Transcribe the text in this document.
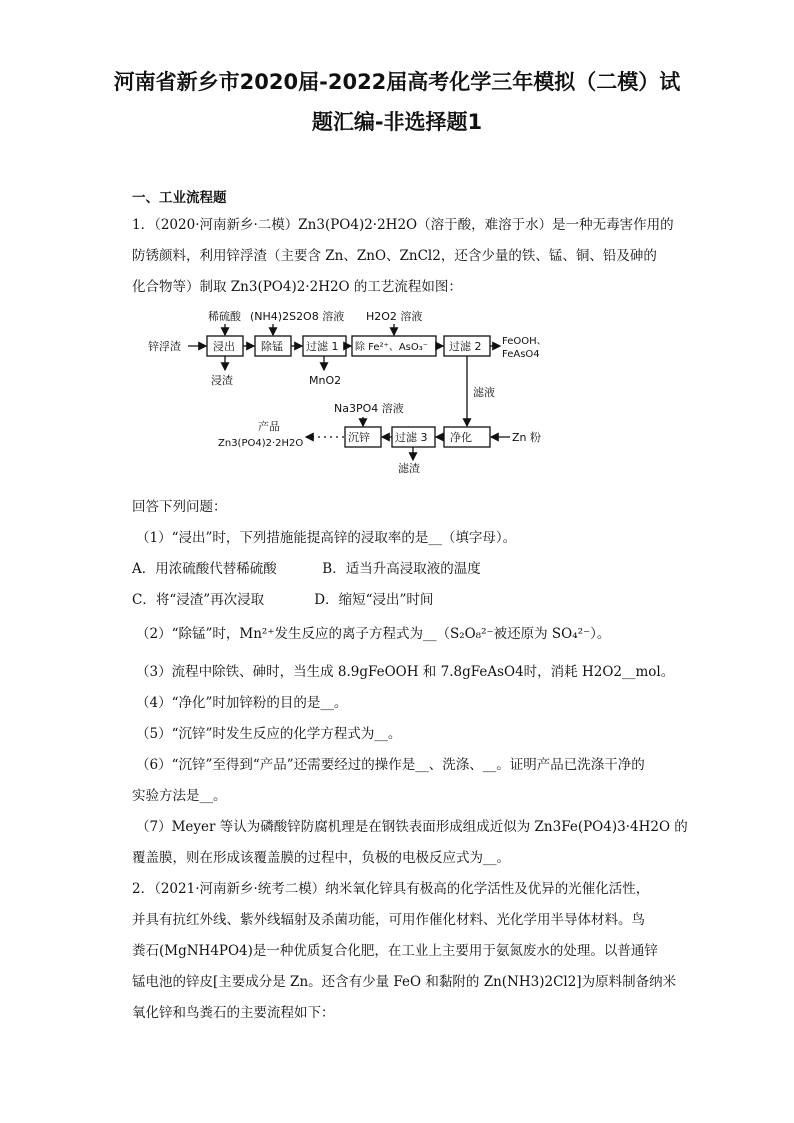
河南省新乡市2020届-2022届高考化学三年模拟（二模）试
题汇编-非选择题1
一、工业流程题
1．（2020·河南新乡·二模）Zn3(PO4)2·2H2O（溶于酸，难溶于水）是一种无毒害作用的
防锈颜料，利用锌浮渣（主要含 Zn、ZnO、ZnCl2，还含少量的铁、锰、铜、铅及砷的
化合物等）制取 Zn3(PO4)2·2H2O 的工艺流程如图：
锌浮渣
稀硫酸
浸出
浸渣
(NH4)2S2O8 溶液
除锰 过滤 1
MnO2
H2O2 溶液
除 Fe²⁺、AsO₃⁻ 过滤 2 FeOOH、
FeAsO4
滤液
净化	Zn 粉
过滤 3
滤渣
Na3PO4 溶液
沉锌
产品
Zn3(PO4)2·2H2O
回答下列问题：
（1）“浸出”时，下列措施能提高锌的浸取率的是__（填字母）。
A．用浓硫酸代替稀硫酸	B．适当升高浸取液的温度
C．将“浸渣”再次浸取	D．缩短“浸出”时间
（2）“除锰”时，Mn²⁺发生反应的离子方程式为__（S₂O₈²⁻被还原为 SO₄²⁻）。
（3）流程中除铁、砷时，当生成 8.9gFeOOH 和 7.8gFeAsO4时，消耗 H2O2__mol。
（4）“净化”时加锌粉的目的是__。
（5）“沉锌”时发生反应的化学方程式为__。
（6）“沉锌”至得到“产品”还需要经过的操作是__、洗涤、__。证明产品已洗涤干净的
实验方法是__。
（7）Meyer 等认为磷酸锌防腐机理是在钢铁表面形成组成近似为 Zn3Fe(PO4)3·4H2O 的
覆盖膜，则在形成该覆盖膜的过程中，负极的电极反应式为__。
2．（2021·河南新乡·统考二模）纳米氧化锌具有极高的化学活性及优异的光催化活性，
并具有抗红外线、紫外线辐射及杀菌功能，可用作催化材料、光化学用半导体材料。鸟
粪石(MgNH4PO4)是一种优质复合化肥，在工业上主要用于氨氮废水的处理。以普通锌
锰电池的锌皮[主要成分是 Zn。还含有少量 FeO 和黏附的 Zn(NH3)2Cl2]为原料制备纳米
氧化锌和鸟粪石的主要流程如下：
